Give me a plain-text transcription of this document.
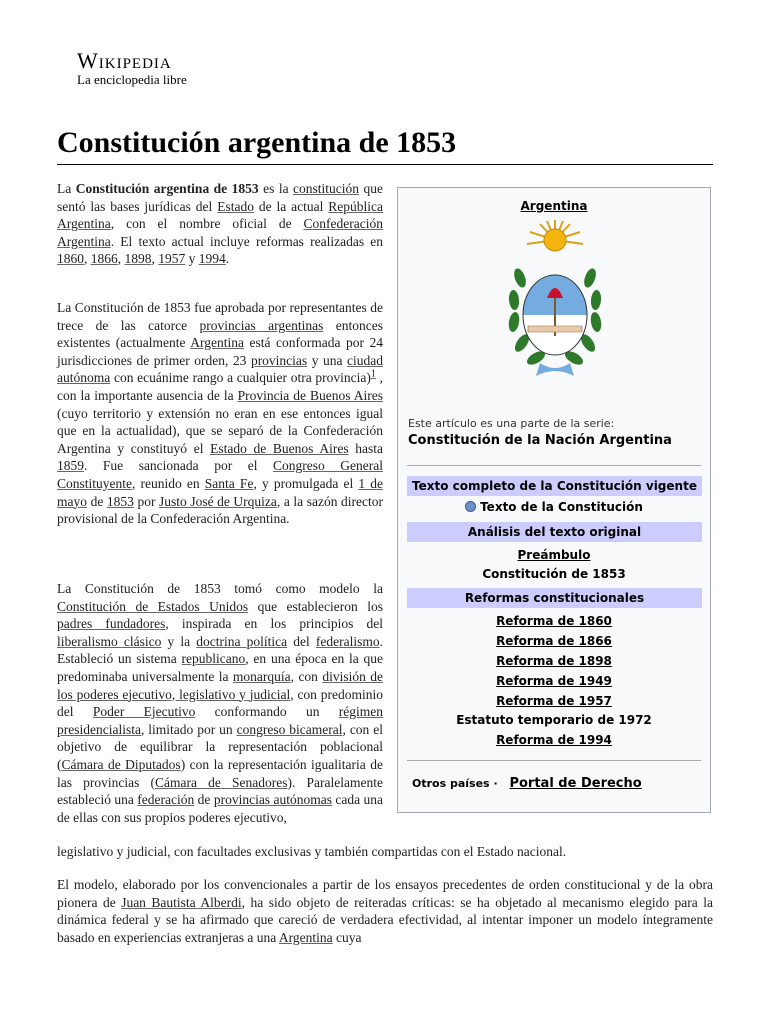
Wikipedia
La enciclopedia libre
Constitución argentina de 1853
La Constitución argentina de 1853 es la constitución que sentó las bases jurídicas del Estado de la actual República Argentina, con el nombre oficial de Confederación Argentina. El texto actual incluye reformas realizadas en 1860, 1866, 1898, 1957 y 1994.
La Constitución de 1853 fue aprobada por representantes de trece de las catorce provincias argentinas entonces existentes (actualmente Argentina está conformada por 24 jurisdicciones de primer orden, 23 provincias y una ciudad autónoma con ecuánime rango a cualquier otra provincia)$^1$ , con la importante ausencia de la Provincia de Buenos Aires (cuyo territorio y extensión no eran en ese entonces igual que en la actualidad), que se separó de la Confederación Argentina y constituyó el Estado de Buenos Aires hasta 1859. Fue sancionada por el Congreso General Constituyente, reunido en Santa Fe, y promulgada el 1 de mayo de 1853 por Justo José de Urquiza, a la sazón director provisional de la Confederación Argentina.
La Constitución de 1853 tomó como modelo la Constitución de Estados Unidos que establecieron los padres fundadores, inspirada en los principios del liberalismo clásico y la doctrina política del federalismo. Estableció un sistema republicano, en una época en la que predominaba universalmente la monarquía, con división de los poderes ejecutivo, legislativo y judicial, con predominio del Poder Ejecutivo conformando un régimen presidencialista, limitado por un congreso bicameral, con el objetivo de equilibrar la representación poblacional (Cámara de Diputados) con la representación igualitaria de las provincias (Cámara de Senadores). Paralelamente estableció una federación de provincias autónomas cada una de ellas con sus propios poderes ejecutivo,
legislativo y judicial, con facultades exclusivas y también compartidas con el Estado nacional.
El modelo, elaborado por los convencionales a partir de los ensayos precedentes de orden constitucional y de la obra pionera de Juan Bautista Alberdi, ha sido objeto de reiteradas críticas: se ha objetado al mecanismo elegido para la dinámica federal y se ha afirmado que careció de verdadera efectividad, al intentar imponer un modelo íntegramente basado en experiencias extranjeras a una Argentina cuya
Argentina
Este artículo es una parte de la serie:
Constitución de la Nación Argentina
Texto completo de la Constitución vigente
Texto de la Constitución
Análisis del texto original
Preámbulo
Constitución de 1853
Reformas constitucionales
Reforma de 1860
Reforma de 1866
Reforma de 1898
Reforma de 1949
Reforma de 1957
Estatuto temporario de 1972
Reforma de 1994
Otros países · Portal de Derecho
